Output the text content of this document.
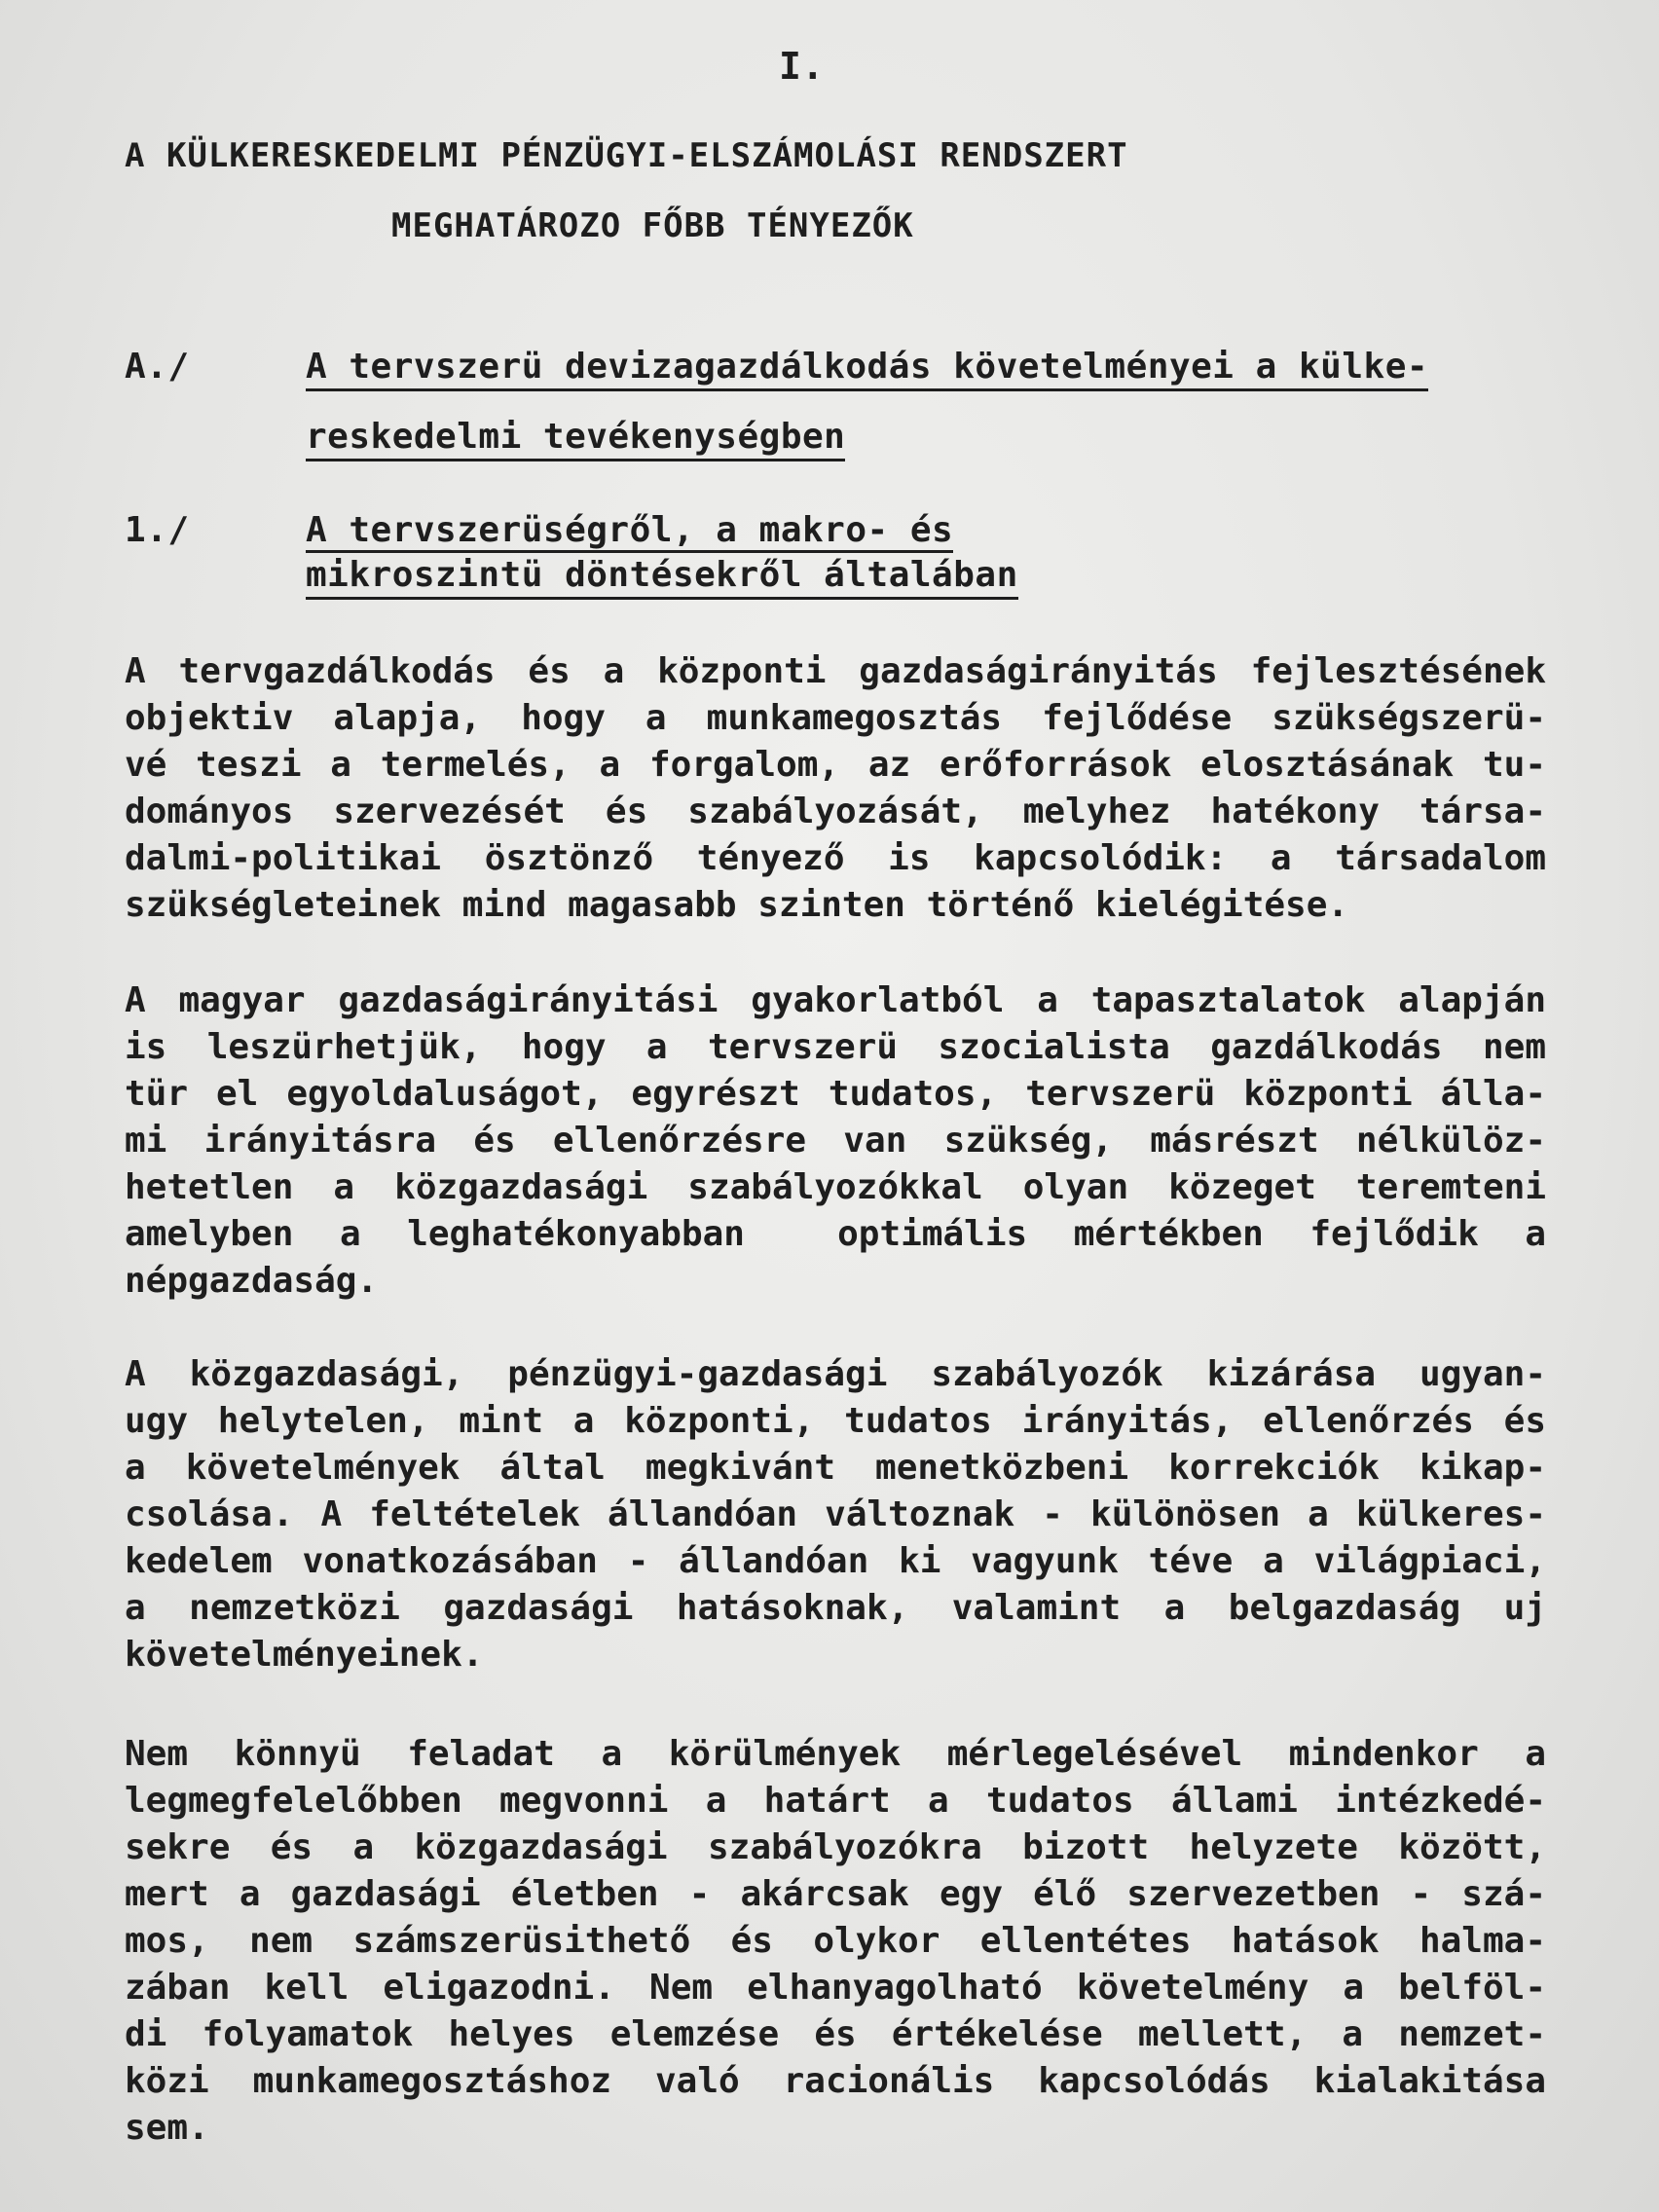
I.
A KÜLKERESKEDELMI PÉNZÜGYI-ELSZÁMOLÁSI RENDSZERT
MEGHATÁROZO FŐBB TÉNYEZŐK
A./	A tervszerü devizagazdálkodás követelményei a külke-
reskedelmi tevékenységben
1./	A tervszerüségről, a makro- és
mikroszintü döntésekről általában
A tervgazdálkodás és a központi gazdaságirányitás fejlesztésének
objektiv alapja, hogy a munkamegosztás fejlődése szükségszerü-
vé teszi a termelés, a forgalom, az erőforrások elosztásának tu-
dományos szervezését és szabályozását, melyhez hatékony társa-
dalmi-politikai ösztönző tényező is kapcsolódik: a társadalom
szükségleteinek mind magasabb szinten történő kielégitése.
A magyar gazdaságirányitási gyakorlatból a tapasztalatok alapján
is leszürhetjük, hogy a tervszerü szocialista gazdálkodás nem
tür el egyoldaluságot, egyrészt tudatos, tervszerü központi álla-
mi irányitásra és ellenőrzésre van szükség, másrészt nélkülöz-
hetetlen a közgazdasági szabályozókkal olyan közeget teremteni
amelyben a leghatékonyabban  optimális mértékben fejlődik a
népgazdaság.
A közgazdasági, pénzügyi-gazdasági szabályozók kizárása ugyan-
ugy helytelen, mint a központi, tudatos irányitás, ellenőrzés és
a követelmények által megkivánt menetközbeni korrekciók kikap-
csolása. A feltételek állandóan változnak - különösen a külkeres-
kedelem vonatkozásában - állandóan ki vagyunk téve a világpiaci,
a nemzetközi gazdasági hatásoknak, valamint a belgazdaság uj
követelményeinek.
Nem könnyü feladat a körülmények mérlegelésével mindenkor a
legmegfelelőbben megvonni a határt a tudatos állami intézkedé-
sekre és a közgazdasági szabályozókra bizott helyzete között,
mert a gazdasági életben - akárcsak egy élő szervezetben - szá-
mos, nem számszerüsithető és olykor ellentétes hatások halma-
zában kell eligazodni. Nem elhanyagolható követelmény a belföl-
di folyamatok helyes elemzése és értékelése mellett, a nemzet-
közi munkamegosztáshoz való racionális kapcsolódás kialakitása
sem.
